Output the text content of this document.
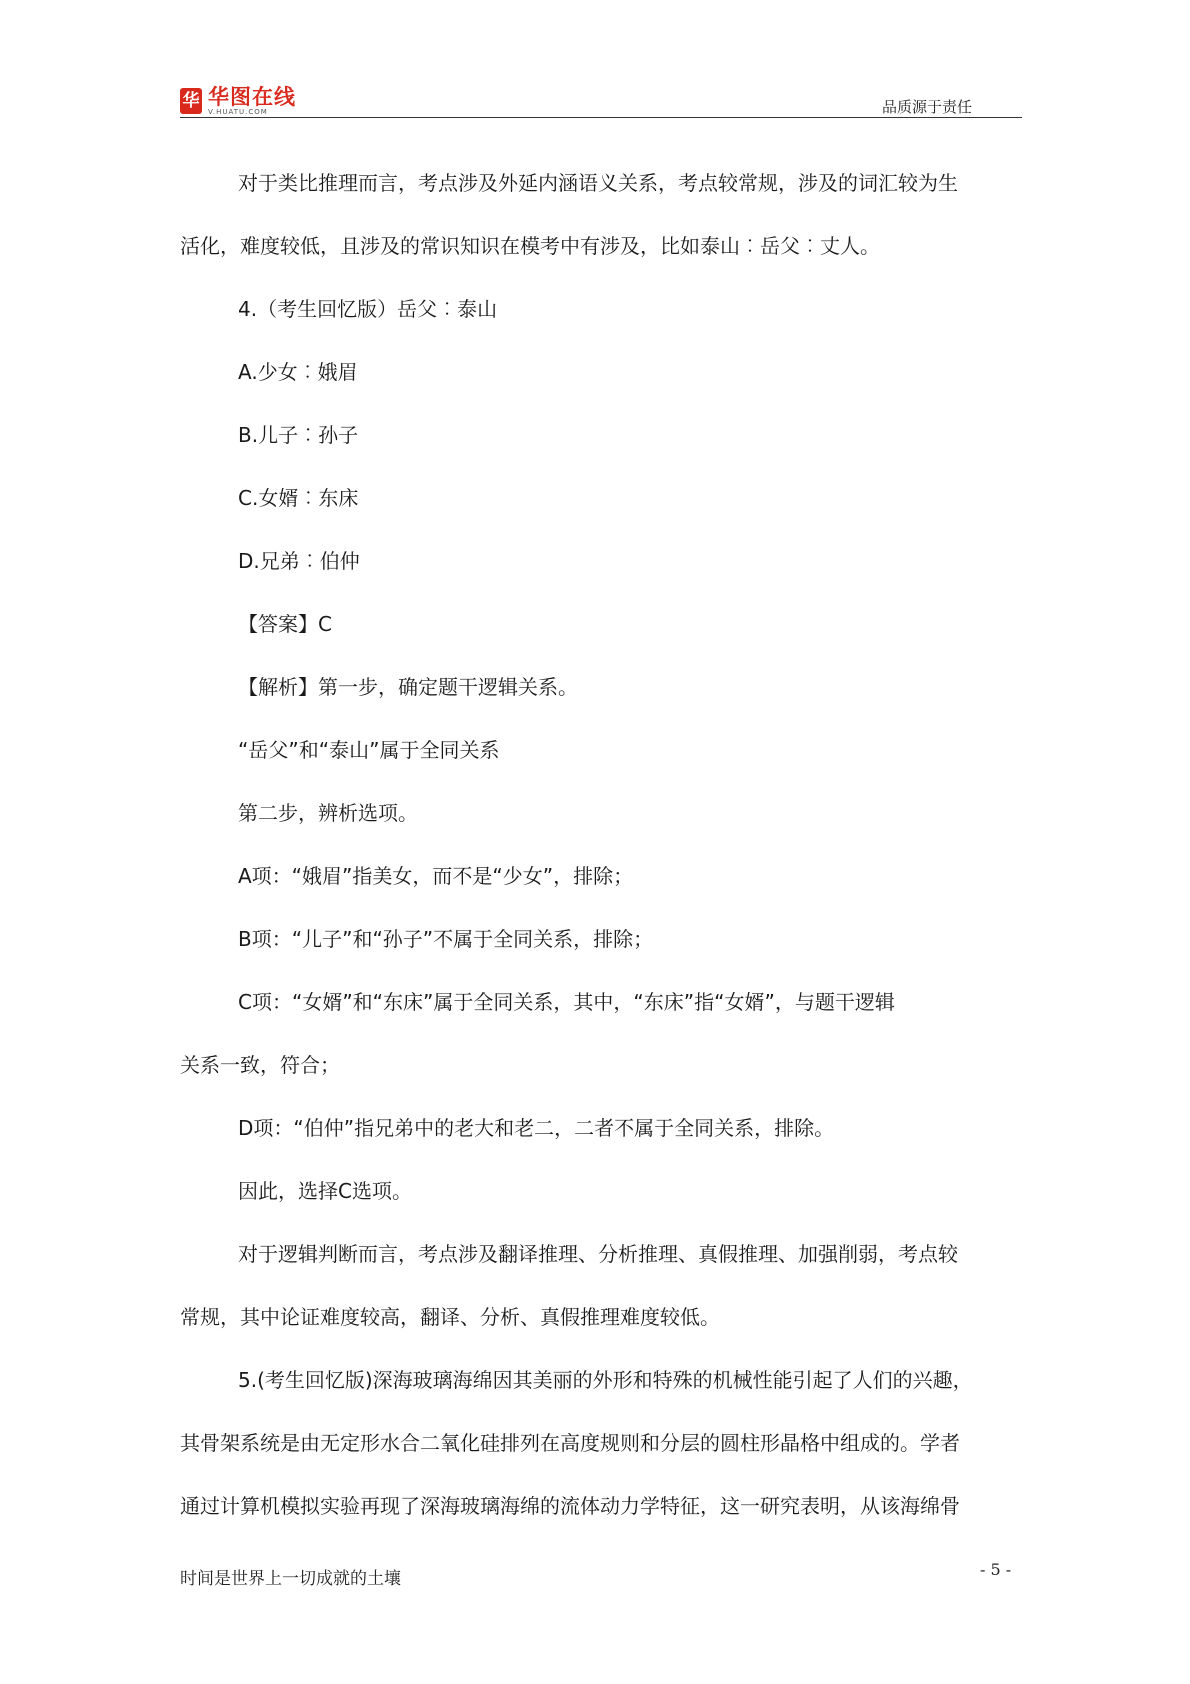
华 华图在线
V.HUATU.COM	品质源于责任

对于类比推理而言，考点涉及外延内涵语义关系，考点较常规，涉及的词汇较为生

活化，难度较低，且涉及的常识知识在模考中有涉及，比如泰山︰岳父︰丈人。

4.（考生回忆版）岳父︰泰山

A.少女︰娥眉

B.儿子︰孙子

C.女婿︰东床

D.兄弟︰伯仲

【答案】C

【解析】第一步，确定题干逻辑关系。

“岳父”和“泰山”属于全同关系

第二步，辨析选项。

A项：“娥眉”指美女，而不是“少女”，排除；

B项：“儿子”和“孙子”不属于全同关系，排除；

C项：“女婿”和“东床”属于全同关系，其中，“东床”指“女婿”，与题干逻辑

关系一致，符合；

D项：“伯仲”指兄弟中的老大和老二，二者不属于全同关系，排除。

因此，选择C选项。

对于逻辑判断而言，考点涉及翻译推理、分析推理、真假推理、加强削弱，考点较

常规，其中论证难度较高，翻译、分析、真假推理难度较低。

5.(考生回忆版)深海玻璃海绵因其美丽的外形和特殊的机械性能引起了人们的兴趣，

其骨架系统是由无定形水合二氧化硅排列在高度规则和分层的圆柱形晶格中组成的。学者

通过计算机模拟实验再现了深海玻璃海绵的流体动力学特征，这一研究表明，从该海绵骨

时间是世界上一切成就的土壤	- 5 -
